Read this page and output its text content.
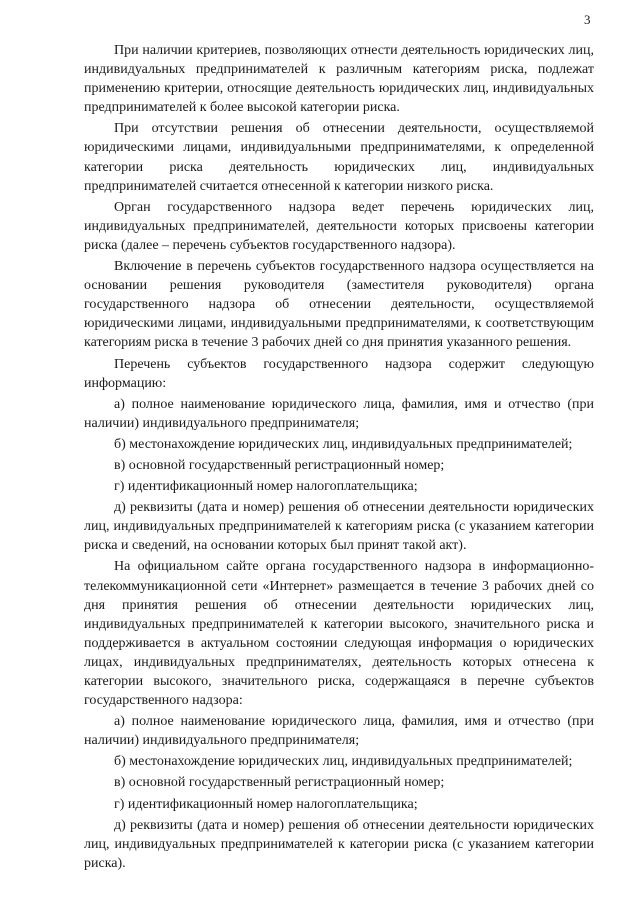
3

При наличии критериев, позволяющих отнести деятельность юридических лиц, индивидуальных предпринимателей к различным категориям риска, подлежат применению критерии, относящие деятельность юридических лиц, индивидуальных предпринимателей к более высокой категории риска.

При отсутствии решения об отнесении деятельности, осуществляемой юридическими лицами, индивидуальными предпринимателями, к определенной категории риска деятельность юридических лиц, индивидуальных предпринимателей считается отнесенной к категории низкого риска.

Орган государственного надзора ведет перечень юридических лиц, индивидуальных предпринимателей, деятельности которых присвоены категории риска (далее – перечень субъектов государственного надзора).

Включение в перечень субъектов государственного надзора осуществляется на основании решения руководителя (заместителя руководителя) органа государственного надзора об отнесении деятельности, осуществляемой юридическими лицами, индивидуальными предпринимателями, к соответствующим категориям риска в течение 3 рабочих дней со дня принятия указанного решения.

Перечень субъектов государственного надзора содержит следующую информацию:

а) полное наименование юридического лица, фамилия, имя и отчество (при наличии) индивидуального предпринимателя;

б) местонахождение юридических лиц, индивидуальных предпринимателей;

в) основной государственный регистрационный номер;

г) идентификационный номер налогоплательщика;

д) реквизиты (дата и номер) решения об отнесении деятельности юридических лиц, индивидуальных предпринимателей к категориям риска (с указанием категории риска и сведений, на основании которых был принят такой акт).

На официальном сайте органа государственного надзора в информационно-телекоммуникационной сети «Интернет» размещается в течение 3 рабочих дней со дня принятия решения об отнесении деятельности юридических лиц, индивидуальных предпринимателей к категории высокого, значительного риска и поддерживается в актуальном состоянии следующая информация о юридических лицах, индивидуальных предпринимателях, деятельность которых отнесена к категории высокого, значительного риска, содержащаяся в перечне субъектов государственного надзора:

а) полное наименование юридического лица, фамилия, имя и отчество (при наличии) индивидуального предпринимателя;

б) местонахождение юридических лиц, индивидуальных предпринимателей;

в) основной государственный регистрационный номер;

г) идентификационный номер налогоплательщика;

д) реквизиты (дата и номер) решения об отнесении деятельности юридических лиц, индивидуальных предпринимателей к категории риска (с указанием категории риска).
